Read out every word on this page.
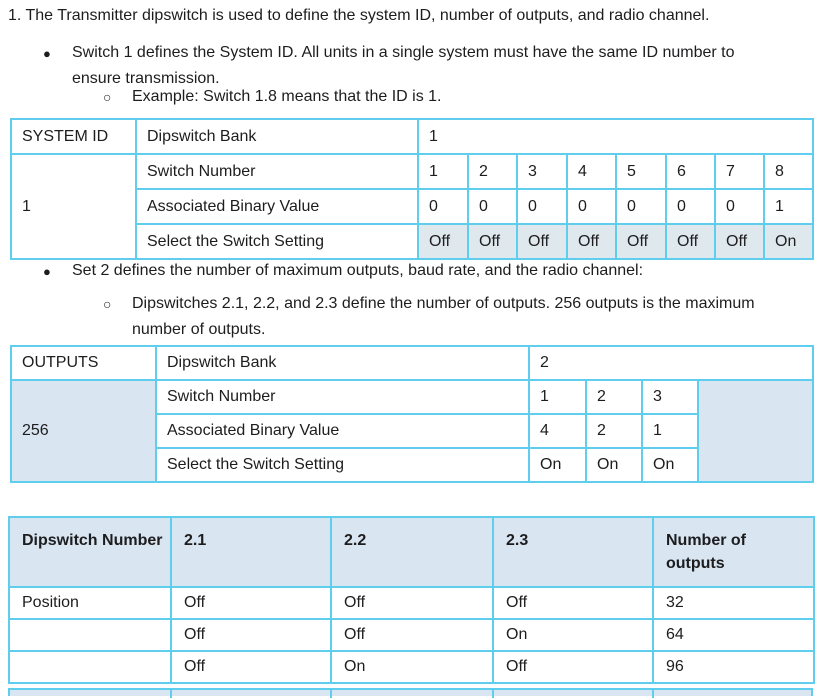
1. The Transmitter dipswitch is used to define the system ID, number of outputs, and radio channel.
● Switch 1 defines the System ID. All units in a single system must have the same ID number to
ensure transmission.
○ Example: Switch 1.8 means that the ID is 1.
SYSTEM ID	Dipswitch Bank	1							
1	Switch Number	1	2	3	4	5	6	7	8
	Associated Binary Value	0	0	0	0	0	0	0	1
	Select the Switch Setting	Off	Off	Off	Off	Off	Off	Off	On
● Set 2 defines the number of maximum outputs, baud rate, and the radio channel:
○ Dipswitches 2.1, 2.2, and 2.3 define the number of outputs. 256 outputs is the maximum
number of outputs.
OUTPUTS	Dipswitch Bank	2			
256	Switch Number	1	2	3	
	Associated Binary Value	4	2	1	
	Select the Switch Setting	On	On	On	
Dipswitch Number	2.1	2.2	2.3	Number of outputs
Position	Off	Off	Off	32
	Off	Off	On	64
	Off	On	Off	96
